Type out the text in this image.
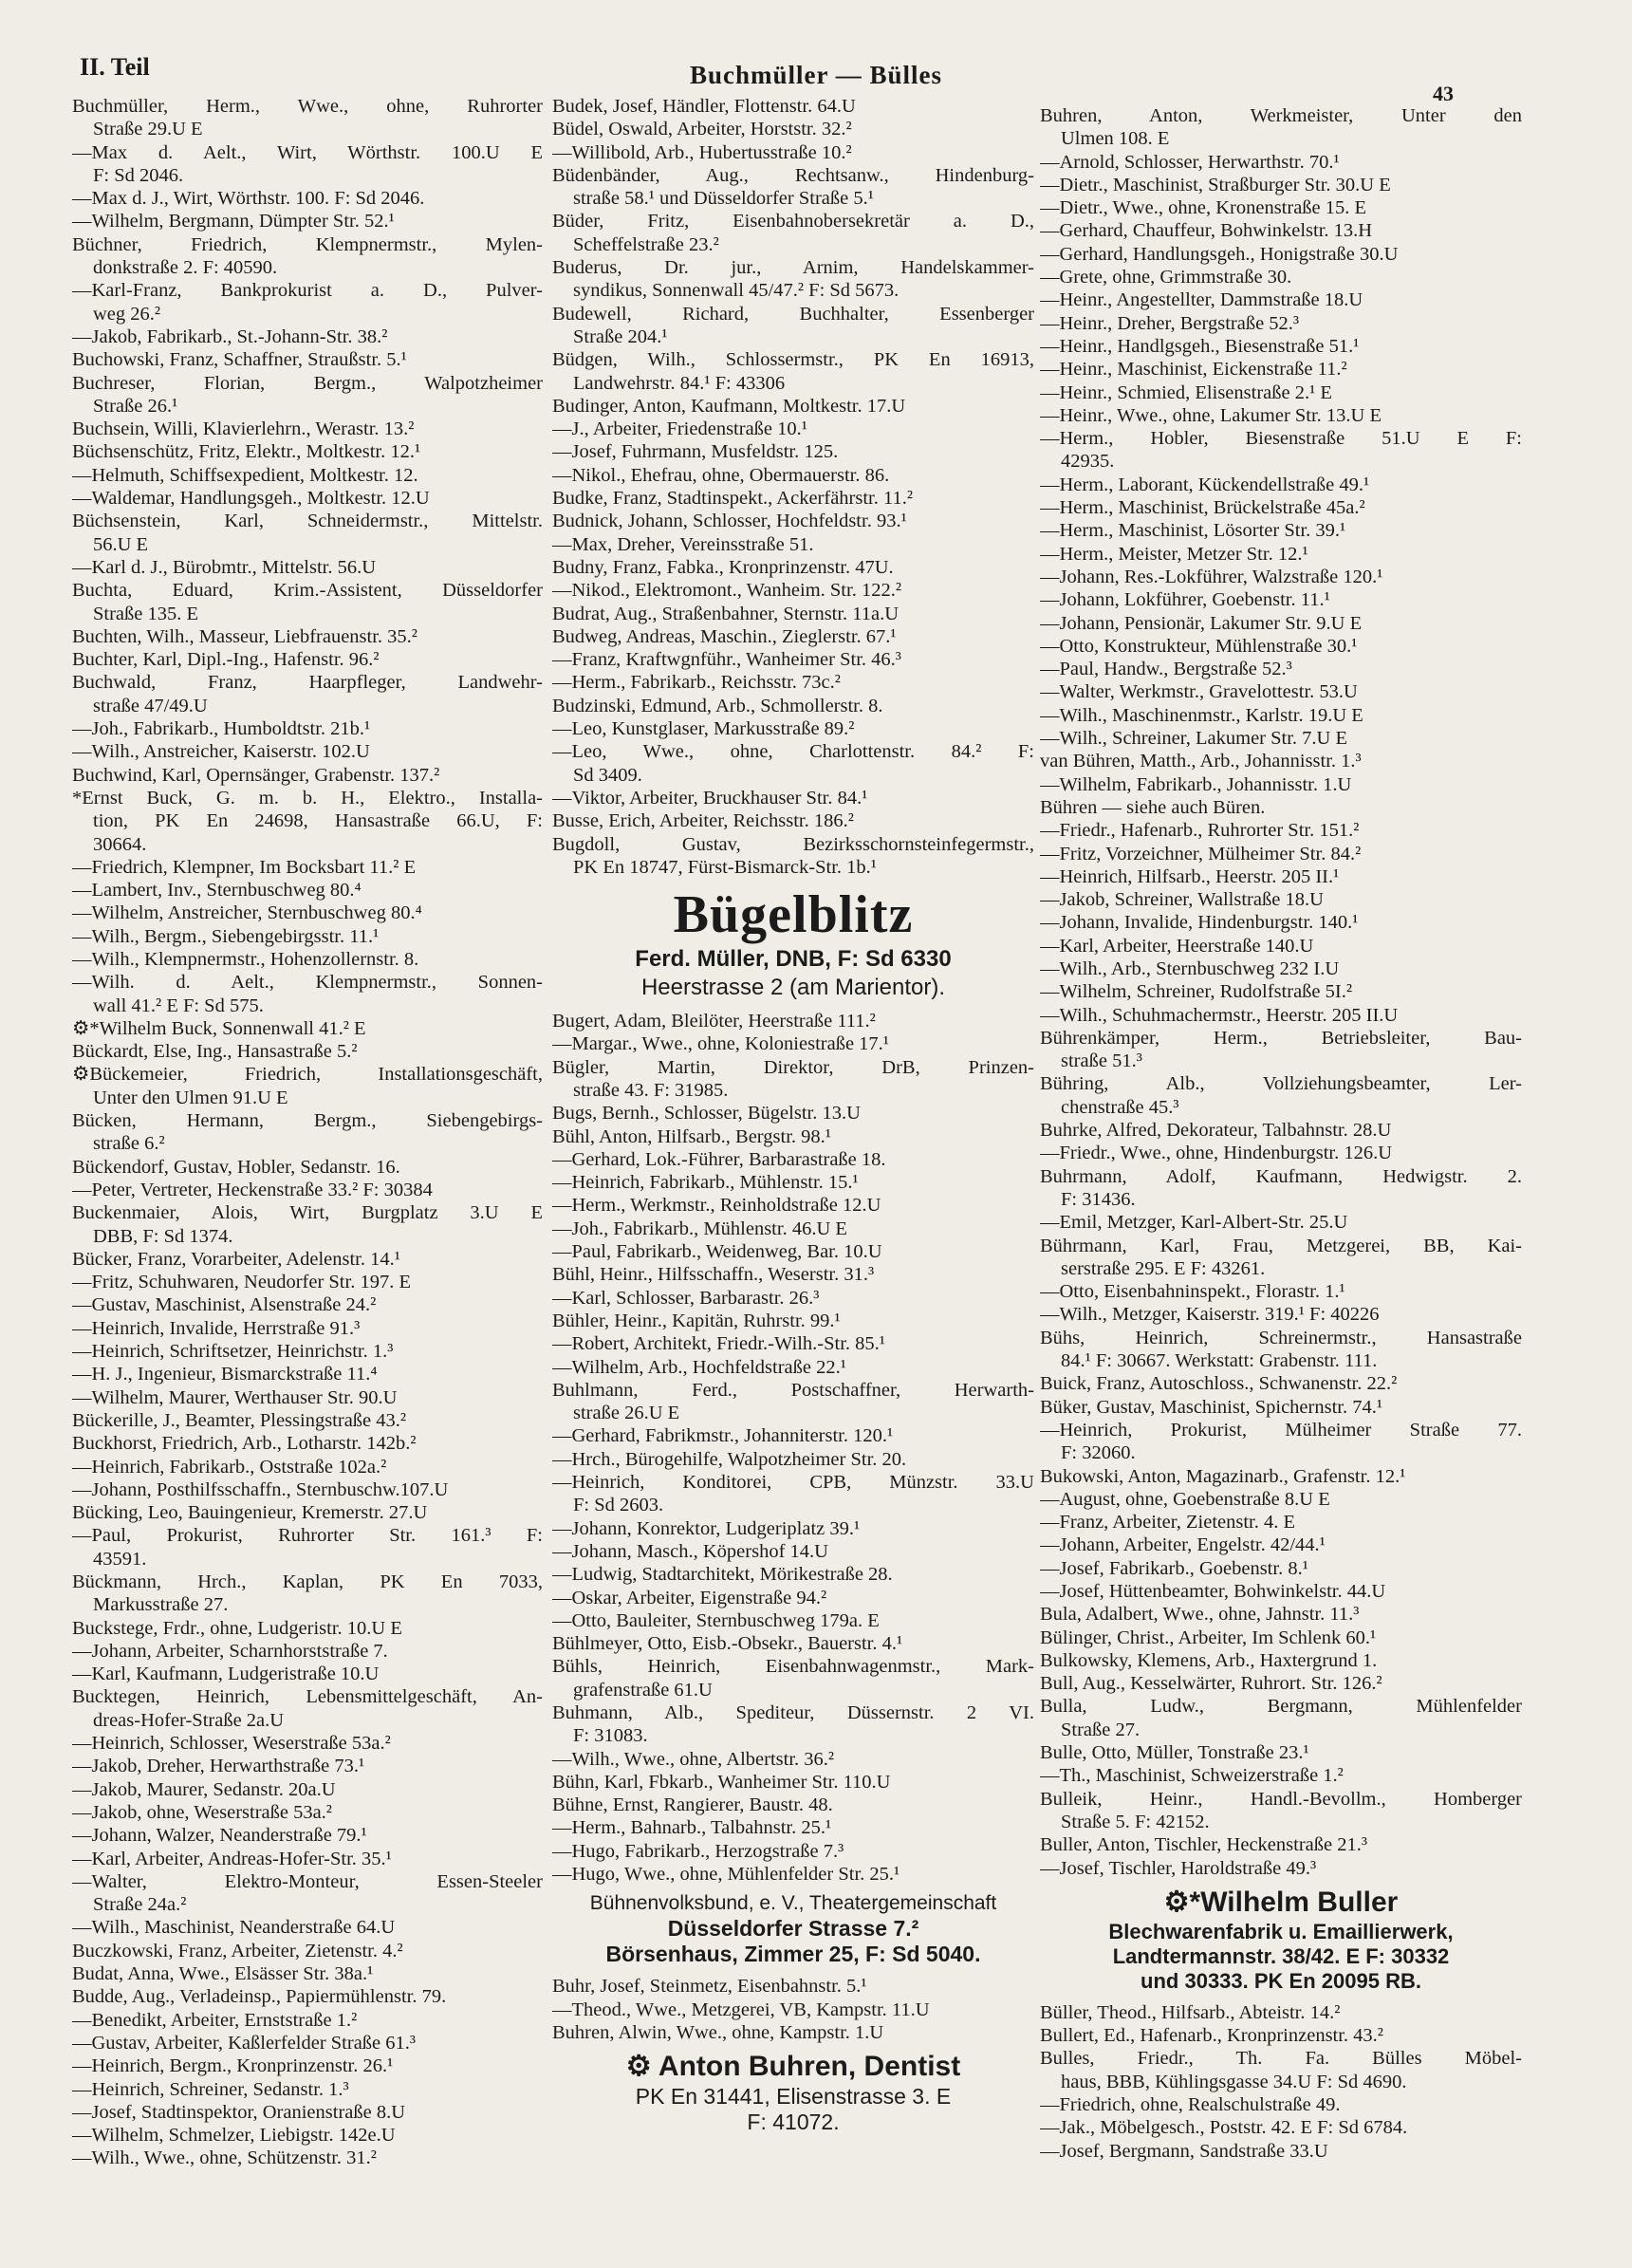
II. Teil	Buchmüller — Bülles
43
Buchmüller, Herm., Wwe., ohne, Ruhrorter
Straße 29.U E
—Max d. Aelt., Wirt, Wörthstr. 100.U E
F: Sd 2046.
—Max d. J., Wirt, Wörthstr. 100. F: Sd 2046.
—Wilhelm, Bergmann, Dümpter Str. 52.¹
Büchner, Friedrich, Klempnermstr., Mylen-
donkstraße 2. F: 40590.
—Karl-Franz, Bankprokurist a. D., Pulver-
weg 26.²
—Jakob, Fabrikarb., St.-Johann-Str. 38.²
Buchowski, Franz, Schaffner, Straußstr. 5.¹
Buchreser, Florian, Bergm., Walpotzheimer
Straße 26.¹
Buchsein, Willi, Klavierlehrn., Werastr. 13.²
Büchsenschütz, Fritz, Elektr., Moltkestr. 12.¹
—Helmuth, Schiffsexpedient, Moltkestr. 12.
—Waldemar, Handlungsgeh., Moltkestr. 12.U
Büchsenstein, Karl, Schneidermstr., Mittelstr.
56.U E
—Karl d. J., Bürobmtr., Mittelstr. 56.U
Buchta, Eduard, Krim.-Assistent, Düsseldorfer
Straße 135. E
Buchten, Wilh., Masseur, Liebfrauenstr. 35.²
Buchter, Karl, Dipl.-Ing., Hafenstr. 96.²
Buchwald, Franz, Haarpfleger, Landwehr-
straße 47/49.U
—Joh., Fabrikarb., Humboldtstr. 21b.¹
—Wilh., Anstreicher, Kaiserstr. 102.U
Buchwind, Karl, Opernsänger, Grabenstr. 137.²
*Ernst Buck, G. m. b. H., Elektro., Installa-
tion, PK En 24698, Hansastraße 66.U, F:
30664.
—Friedrich, Klempner, Im Bocksbart 11.² E
—Lambert, Inv., Sternbuschweg 80.⁴
—Wilhelm, Anstreicher, Sternbuschweg 80.⁴
—Wilh., Bergm., Siebengebirgsstr. 11.¹
—Wilh., Klempnermstr., Hohenzollernstr. 8.
—Wilh. d. Aelt., Klempnermstr., Sonnen-
wall 41.² E F: Sd 575.
⚙*Wilhelm Buck, Sonnenwall 41.² E
Bückardt, Else, Ing., Hansastraße 5.²
⚙Bückemeier, Friedrich, Installationsgeschäft,
Unter den Ulmen 91.U E
Bücken, Hermann, Bergm., Siebengebirgs-
straße 6.²
Bückendorf, Gustav, Hobler, Sedanstr. 16.
—Peter, Vertreter, Heckenstraße 33.² F: 30384
Buckenmaier, Alois, Wirt, Burgplatz 3.U E
DBB, F: Sd 1374.
Bücker, Franz, Vorarbeiter, Adelenstr. 14.¹
—Fritz, Schuhwaren, Neudorfer Str. 197. E
—Gustav, Maschinist, Alsenstraße 24.²
—Heinrich, Invalide, Herrstraße 91.³
—Heinrich, Schriftsetzer, Heinrichstr. 1.³
—H. J., Ingenieur, Bismarckstraße 11.⁴
—Wilhelm, Maurer, Werthauser Str. 90.U
Bückerille, J., Beamter, Plessingstraße 43.²
Buckhorst, Friedrich, Arb., Lotharstr. 142b.²
—Heinrich, Fabrikarb., Oststraße 102a.²
—Johann, Posthilfsschaffn., Sternbuschw.107.U
Bücking, Leo, Bauingenieur, Kremerstr. 27.U
—Paul, Prokurist, Ruhrorter Str. 161.³ F:
43591.
Bückmann, Hrch., Kaplan, PK En 7033,
Markusstraße 27.
Buckstege, Frdr., ohne, Ludgeristr. 10.U E
—Johann, Arbeiter, Scharnhorststraße 7.
—Karl, Kaufmann, Ludgeristraße 10.U
Bucktegen, Heinrich, Lebensmittelgeschäft, An-
dreas-Hofer-Straße 2a.U
—Heinrich, Schlosser, Weserstraße 53a.²
—Jakob, Dreher, Herwarthstraße 73.¹
—Jakob, Maurer, Sedanstr. 20a.U
—Jakob, ohne, Weserstraße 53a.²
—Johann, Walzer, Neanderstraße 79.¹
—Karl, Arbeiter, Andreas-Hofer-Str. 35.¹
—Walter, Elektro-Monteur, Essen-Steeler
Straße 24a.²
—Wilh., Maschinist, Neanderstraße 64.U
Buczkowski, Franz, Arbeiter, Zietenstr. 4.²
Budat, Anna, Wwe., Elsässer Str. 38a.¹
Budde, Aug., Verladeinsp., Papiermühlenstr. 79.
—Benedikt, Arbeiter, Ernststraße 1.²
—Gustav, Arbeiter, Kaßlerfelder Straße 61.³
—Heinrich, Bergm., Kronprinzenstr. 26.¹
—Heinrich, Schreiner, Sedanstr. 1.³
—Josef, Stadtinspektor, Oranienstraße 8.U
—Wilhelm, Schmelzer, Liebigstr. 142e.U
—Wilh., Wwe., ohne, Schützenstr. 31.²
Budek, Josef, Händler, Flottenstr. 64.U
Büdel, Oswald, Arbeiter, Horststr. 32.²
—Willibold, Arb., Hubertusstraße 10.²
Büdenbänder, Aug., Rechtsanw., Hindenburg-
straße 58.¹ und Düsseldorfer Straße 5.¹
Büder, Fritz, Eisenbahnobersekretär a. D.,
Scheffelstraße 23.²
Buderus, Dr. jur., Arnim, Handelskammer-
syndikus, Sonnenwall 45/47.² F: Sd 5673.
Budewell, Richard, Buchhalter, Essenberger
Straße 204.¹
Büdgen, Wilh., Schlossermstr., PK En 16913,
Landwehrstr. 84.¹ F: 43306
Budinger, Anton, Kaufmann, Moltkestr. 17.U
—J., Arbeiter, Friedenstraße 10.¹
—Josef, Fuhrmann, Musfeldstr. 125.
—Nikol., Ehefrau, ohne, Obermauerstr. 86.
Budke, Franz, Stadtinspekt., Ackerfährstr. 11.²
Budnick, Johann, Schlosser, Hochfeldstr. 93.¹
—Max, Dreher, Vereinsstraße 51.
Budny, Franz, Fabka., Kronprinzenstr. 47U.
—Nikod., Elektromont., Wanheim. Str. 122.²
Budrat, Aug., Straßenbahner, Sternstr. 11a.U
Budweg, Andreas, Maschin., Zieglerstr. 67.¹
—Franz, Kraftwgnführ., Wanheimer Str. 46.³
—Herm., Fabrikarb., Reichsstr. 73c.²
Budzinski, Edmund, Arb., Schmollerstr. 8.
—Leo, Kunstglaser, Markusstraße 89.²
—Leo, Wwe., ohne, Charlottenstr. 84.² F:
Sd 3409.
—Viktor, Arbeiter, Bruckhauser Str. 84.¹
Busse, Erich, Arbeiter, Reichsstr. 186.²
Bugdoll, Gustav, Bezirksschornsteinfegermstr.,
PK En 18747, Fürst-Bismarck-Str. 1b.¹
Bügelblitz
Ferd. Müller, DNB, F: Sd 6330
Heerstrasse 2 (am Marientor).
Bugert, Adam, Bleilöter, Heerstraße 111.²
—Margar., Wwe., ohne, Koloniestraße 17.¹
Bügler, Martin, Direktor, DrB, Prinzen-
straße 43. F: 31985.
Bugs, Bernh., Schlosser, Bügelstr. 13.U
Bühl, Anton, Hilfsarb., Bergstr. 98.¹
—Gerhard, Lok.-Führer, Barbarastraße 18.
—Heinrich, Fabrikarb., Mühlenstr. 15.¹
—Herm., Werkmstr., Reinholdstraße 12.U
—Joh., Fabrikarb., Mühlenstr. 46.U E
—Paul, Fabrikarb., Weidenweg, Bar. 10.U
Bühl, Heinr., Hilfsschaffn., Weserstr. 31.³
—Karl, Schlosser, Barbarastr. 26.³
Bühler, Heinr., Kapitän, Ruhrstr. 99.¹
—Robert, Architekt, Friedr.-Wilh.-Str. 85.¹
—Wilhelm, Arb., Hochfeldstraße 22.¹
Buhlmann, Ferd., Postschaffner, Herwarth-
straße 26.U E
—Gerhard, Fabrikmstr., Johanniterstr. 120.¹
—Hrch., Bürogehilfe, Walpotzheimer Str. 20.
—Heinrich, Konditorei, CPB, Münzstr. 33.U
F: Sd 2603.
—Johann, Konrektor, Ludgeriplatz 39.¹
—Johann, Masch., Köpershof 14.U
—Ludwig, Stadtarchitekt, Mörikestraße 28.
—Oskar, Arbeiter, Eigenstraße 94.²
—Otto, Bauleiter, Sternbuschweg 179a. E
Bühlmeyer, Otto, Eisb.-Obsekr., Bauerstr. 4.¹
Bühls, Heinrich, Eisenbahnwagenmstr., Mark-
grafenstraße 61.U
Buhmann, Alb., Spediteur, Düssernstr. 2 VI.
F: 31083.
—Wilh., Wwe., ohne, Albertstr. 36.²
Bühn, Karl, Fbkarb., Wanheimer Str. 110.U
Bühne, Ernst, Rangierer, Baustr. 48.
—Herm., Bahnarb., Talbahnstr. 25.¹
—Hugo, Fabrikarb., Herzogstraße 7.³
—Hugo, Wwe., ohne, Mühlenfelder Str. 25.¹
Bühnenvolksbund, e. V., Theatergemeinschaft
Düsseldorfer Strasse 7.²
Börsenhaus, Zimmer 25, F: Sd 5040.
Buhr, Josef, Steinmetz, Eisenbahnstr. 5.¹
—Theod., Wwe., Metzgerei, VB, Kampstr. 11.U
Buhren, Alwin, Wwe., ohne, Kampstr. 1.U
⚙ Anton Buhren, Dentist
PK En 31441, Elisenstrasse 3. E
F: 41072.
Buhren, Anton, Werkmeister, Unter den
Ulmen 108. E
—Arnold, Schlosser, Herwarthstr. 70.¹
—Dietr., Maschinist, Straßburger Str. 30.U E
—Dietr., Wwe., ohne, Kronenstraße 15. E
—Gerhard, Chauffeur, Bohwinkelstr. 13.H
—Gerhard, Handlungsgeh., Honigstraße 30.U
—Grete, ohne, Grimmstraße 30.
—Heinr., Angestellter, Dammstraße 18.U
—Heinr., Dreher, Bergstraße 52.³
—Heinr., Handlgsgeh., Biesenstraße 51.¹
—Heinr., Maschinist, Eickenstraße 11.²
—Heinr., Schmied, Elisenstraße 2.¹ E
—Heinr., Wwe., ohne, Lakumer Str. 13.U E
—Herm., Hobler, Biesenstraße 51.U E F:
42935.
—Herm., Laborant, Kückendellstraße 49.¹
—Herm., Maschinist, Brückelstraße 45a.²
—Herm., Maschinist, Lösorter Str. 39.¹
—Herm., Meister, Metzer Str. 12.¹
—Johann, Res.-Lokführer, Walzstraße 120.¹
—Johann, Lokführer, Goebenstr. 11.¹
—Johann, Pensionär, Lakumer Str. 9.U E
—Otto, Konstrukteur, Mühlenstraße 30.¹
—Paul, Handw., Bergstraße 52.³
—Walter, Werkmstr., Gravelottestr. 53.U
—Wilh., Maschinenmstr., Karlstr. 19.U E
—Wilh., Schreiner, Lakumer Str. 7.U E
van Bühren, Matth., Arb., Johannisstr. 1.³
—Wilhelm, Fabrikarb., Johannisstr. 1.U
Bühren — siehe auch Büren.
—Friedr., Hafenarb., Ruhrorter Str. 151.²
—Fritz, Vorzeichner, Mülheimer Str. 84.²
—Heinrich, Hilfsarb., Heerstr. 205 II.¹
—Jakob, Schreiner, Wallstraße 18.U
—Johann, Invalide, Hindenburgstr. 140.¹
—Karl, Arbeiter, Heerstraße 140.U
—Wilh., Arb., Sternbuschweg 232 I.U
—Wilhelm, Schreiner, Rudolfstraße 5I.²
—Wilh., Schuhmachermstr., Heerstr. 205 II.U
Bührenkämper, Herm., Betriebsleiter, Bau-
straße 51.³
Bühring, Alb., Vollziehungsbeamter, Ler-
chenstraße 45.³
Buhrke, Alfred, Dekorateur, Talbahnstr. 28.U
—Friedr., Wwe., ohne, Hindenburgstr. 126.U
Buhrmann, Adolf, Kaufmann, Hedwigstr. 2.
F: 31436.
—Emil, Metzger, Karl-Albert-Str. 25.U
Bührmann, Karl, Frau, Metzgerei, BB, Kai-
serstraße 295. E F: 43261.
—Otto, Eisenbahninspekt., Florastr. 1.¹
—Wilh., Metzger, Kaiserstr. 319.¹ F: 40226
Bühs, Heinrich, Schreinermstr., Hansastraße
84.¹ F: 30667. Werkstatt: Grabenstr. 111.
Buick, Franz, Autoschloss., Schwanenstr. 22.²
Büker, Gustav, Maschinist, Spichernstr. 74.¹
—Heinrich, Prokurist, Mülheimer Straße 77.
F: 32060.
Bukowski, Anton, Magazinarb., Grafenstr. 12.¹
—August, ohne, Goebenstraße 8.U E
—Franz, Arbeiter, Zietenstr. 4. E
—Johann, Arbeiter, Engelstr. 42/44.¹
—Josef, Fabrikarb., Goebenstr. 8.¹
—Josef, Hüttenbeamter, Bohwinkelstr. 44.U
Bula, Adalbert, Wwe., ohne, Jahnstr. 11.³
Bülinger, Christ., Arbeiter, Im Schlenk 60.¹
Bulkowsky, Klemens, Arb., Haxtergrund 1.
Bull, Aug., Kesselwärter, Ruhrort. Str. 126.²
Bulla, Ludw., Bergmann, Mühlenfelder
Straße 27.
Bulle, Otto, Müller, Tonstraße 23.¹
—Th., Maschinist, Schweizerstraße 1.²
Bulleik, Heinr., Handl.-Bevollm., Homberger
Straße 5. F: 42152.
Buller, Anton, Tischler, Heckenstraße 21.³
—Josef, Tischler, Haroldstraße 49.³
⚙*Wilhelm Buller
Blechwarenfabrik u. Emaillierwerk,
Landtermannstr. 38/42. E F: 30332
und 30333. PK En 20095 RB.
Büller, Theod., Hilfsarb., Abteistr. 14.²
Bullert, Ed., Hafenarb., Kronprinzenstr. 43.²
Bulles, Friedr., Th. Fa. Bülles Möbel-
haus, BBB, Kühlingsgasse 34.U F: Sd 4690.
—Friedrich, ohne, Realschulstraße 49.
—Jak., Möbelgesch., Poststr. 42. E F: Sd 6784.
—Josef, Bergmann, Sandstraße 33.U
